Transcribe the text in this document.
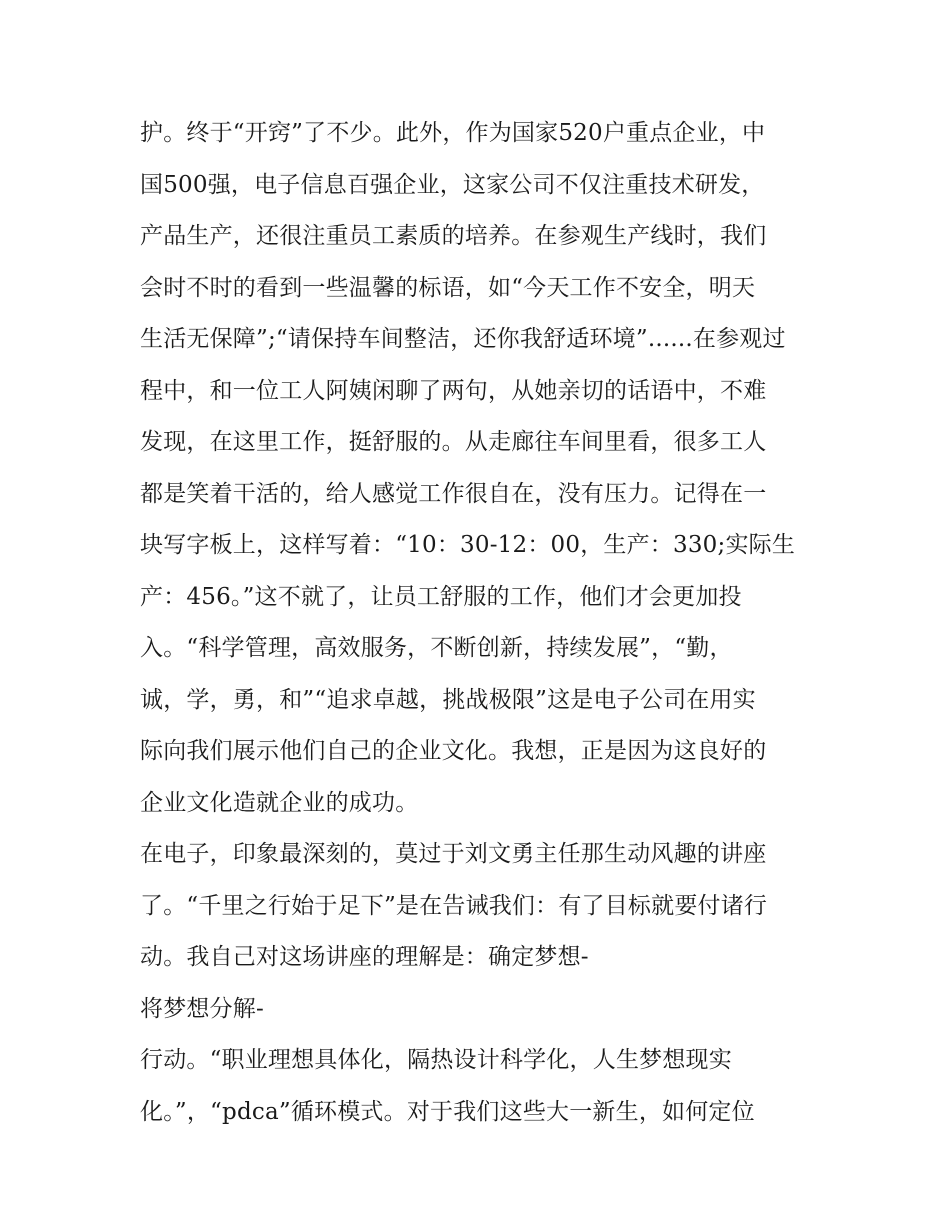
护。终于“开窍”了不少。此外，作为国家520户重点企业，中
国500强，电子信息百强企业，这家公司不仅注重技术研发，
产品生产，还很注重员工素质的培养。在参观生产线时，我们
会时不时的看到一些温馨的标语，如“今天工作不安全，明天
生活无保障”;“请保持车间整洁，还你我舒适环境”......在参观过
程中，和一位工人阿姨闲聊了两句，从她亲切的话语中，不难
发现，在这里工作，挺舒服的。从走廊往车间里看，很多工人
都是笑着干活的，给人感觉工作很自在，没有压力。记得在一
块写字板上，这样写着：“10：30-12：00，生产：330;实际生
产：456。”这不就了，让员工舒服的工作，他们才会更加投
入。“科学管理，高效服务，不断创新，持续发展”，“勤，
诚，学，勇，和”“追求卓越，挑战极限”这是电子公司在用实
际向我们展示他们自己的企业文化。我想，正是因为这良好的
企业文化造就企业的成功。
在电子，印象最深刻的，莫过于刘文勇主任那生动风趣的讲座
了。“千里之行始于足下”是在告诫我们：有了目标就要付诸行
动。我自己对这场讲座的理解是：确定梦想-
将梦想分解-
行动。“职业理想具体化，隔热设计科学化，人生梦想现实
化。”，“pdca”循环模式。对于我们这些大一新生，如何定位
